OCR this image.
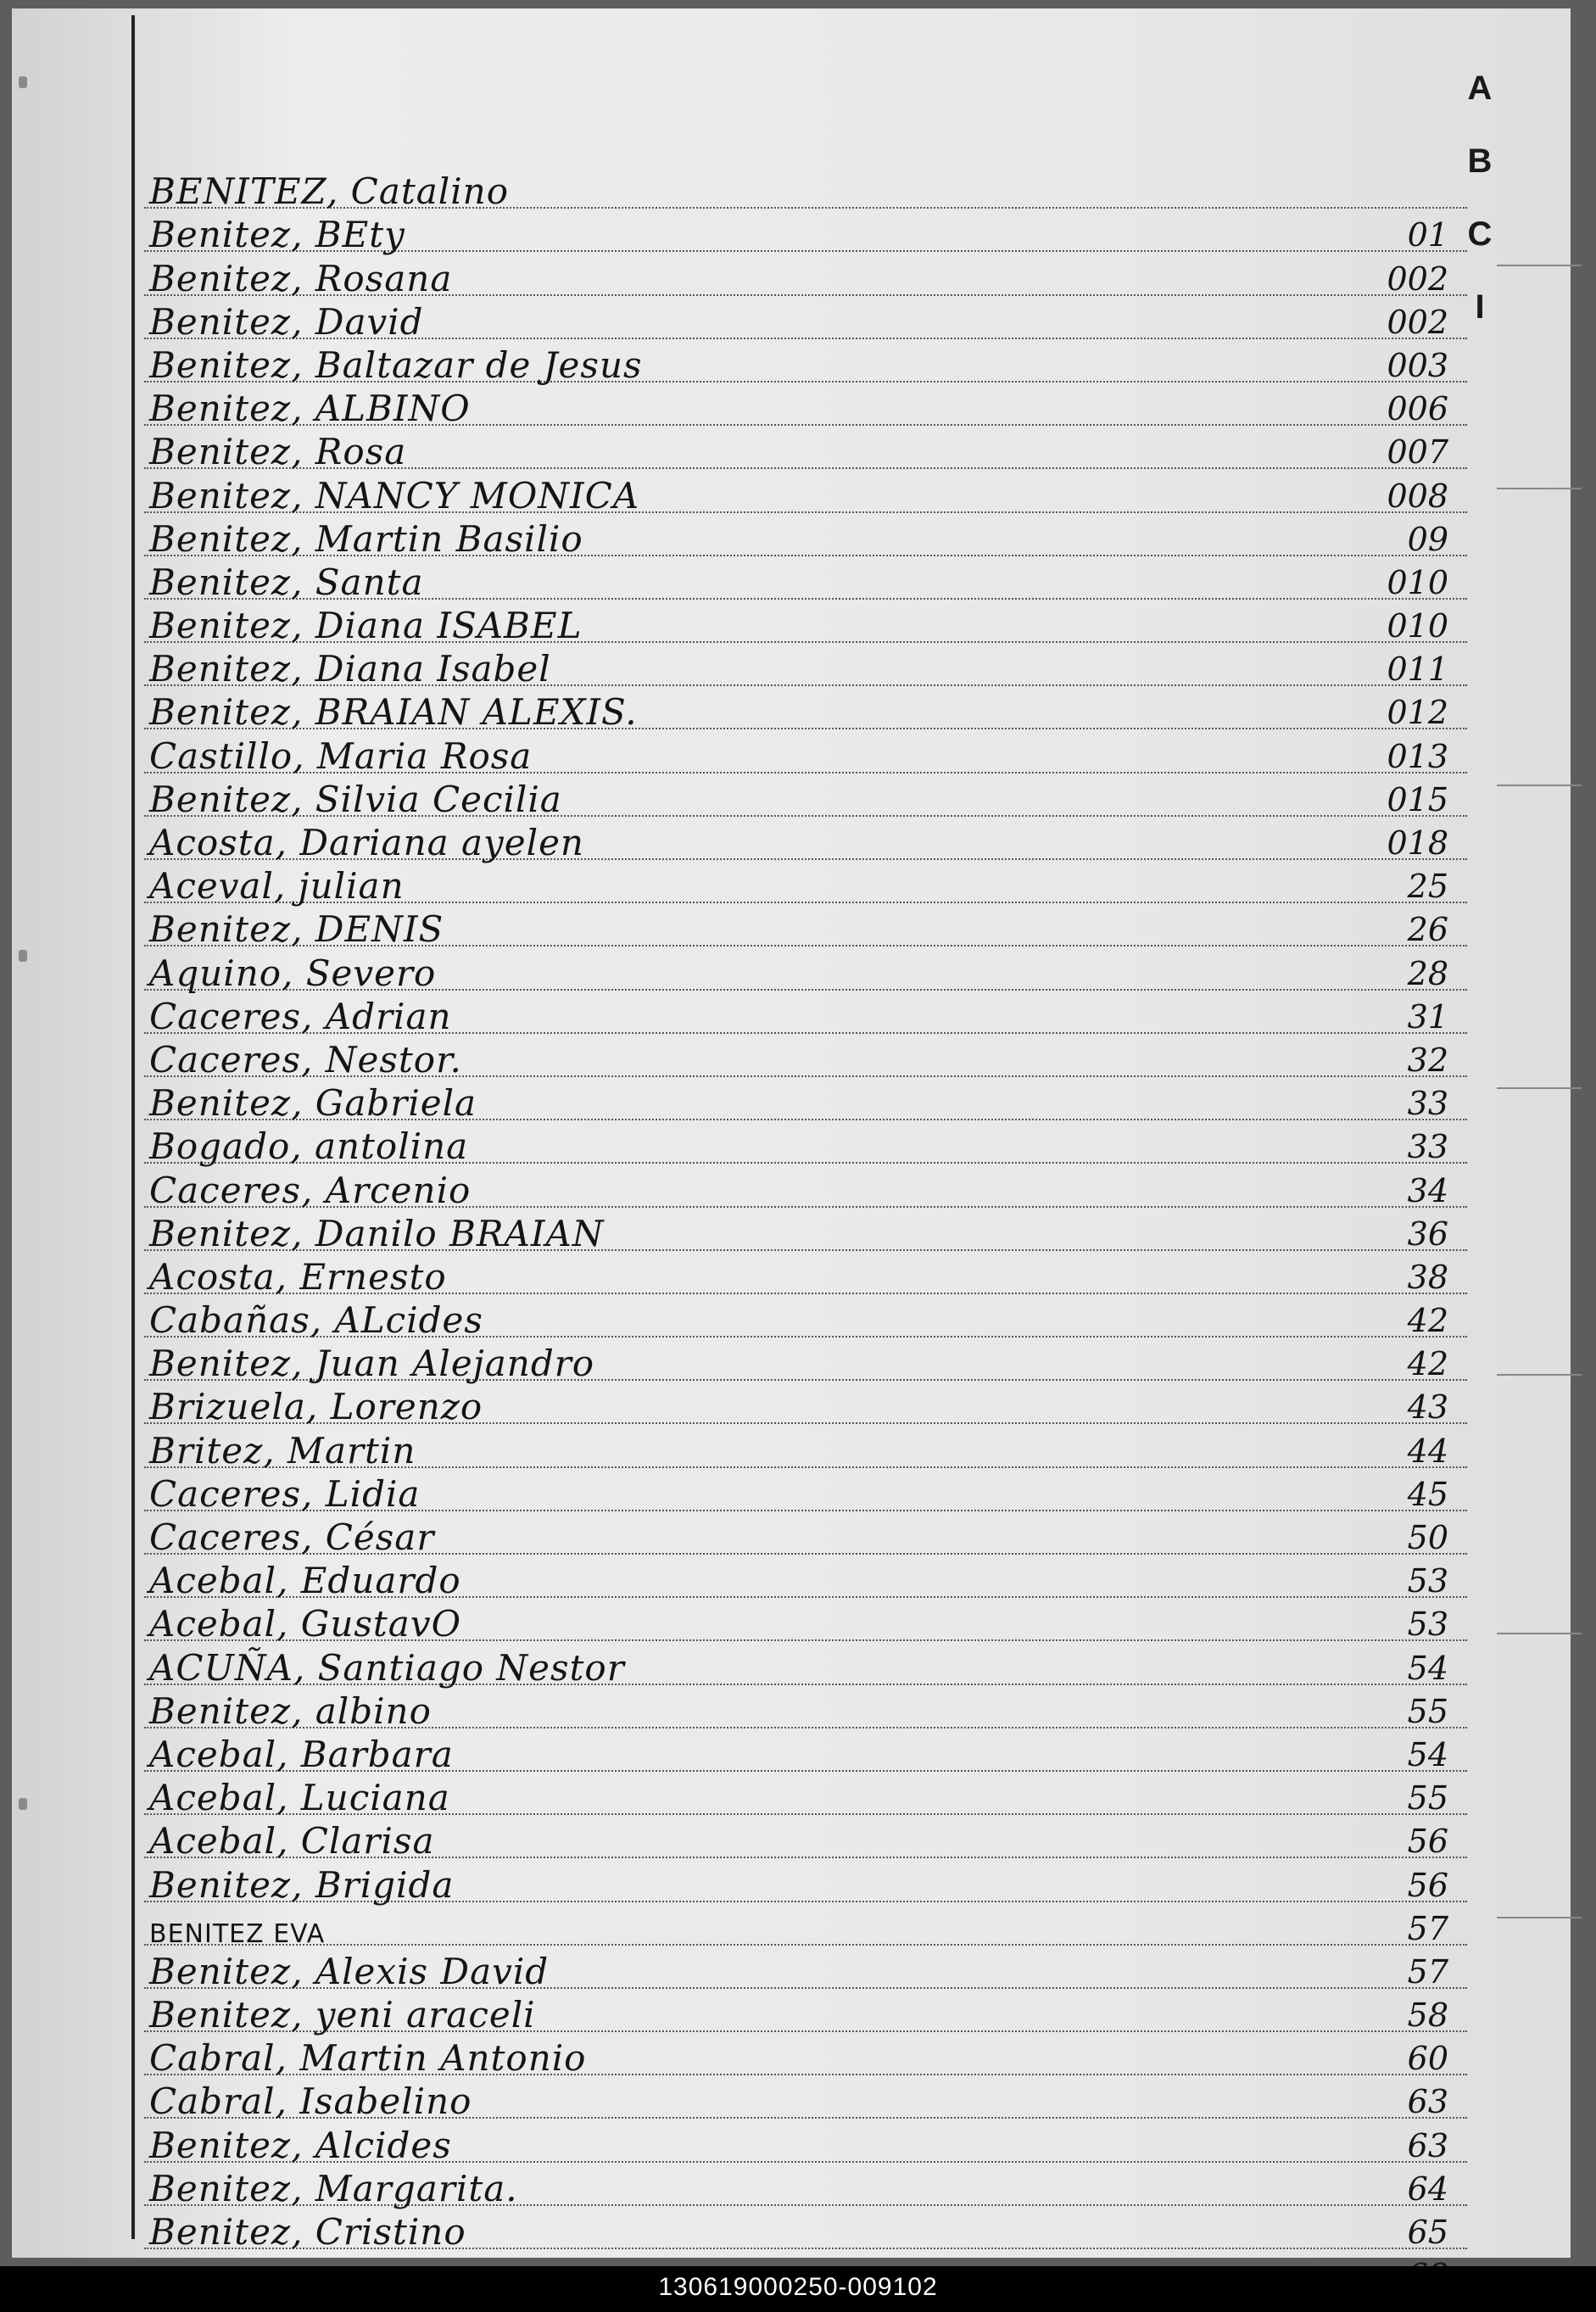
A
B
C
I
BENITEZ, Catalino
Benitez, BEty	01
Benitez, Rosana	002
Benitez, David	002
Benitez, Baltazar de Jesus	003
Benitez, ALBINO	006
Benitez, Rosa	007
Benitez, NANCY MONICA	008
Benitez, Martin Basilio	09
Benitez, Santa	010
Benitez, Diana ISABEL	010
Benitez, Diana Isabel	011
Benitez, BRAIAN ALEXIS.	012
Castillo, Maria Rosa	013
Benitez, Silvia Cecilia	015
Acosta, Dariana ayelen	018
Aceval, julian	25
Benitez, DENIS	26
Aquino, Severo	28
Caceres, Adrian	31
Caceres, Nestor.	32
Benitez, Gabriela	33
Bogado, antolina	33
Caceres, Arcenio	34
Benitez, Danilo BRAIAN	36
Acosta, Ernesto	38
Cabañas, ALcides	42
Benitez, Juan Alejandro	42
Brizuela, Lorenzo	43
Britez, Martin	44
Caceres, Lidia	45
Caceres, César	50
Acebal, Eduardo	53
Acebal, GustavO	53
ACUÑA, Santiago Nestor	54
Benitez, albino	55
Acebal, Barbara	54
Acebal, Luciana	55
Acebal, Clarisa	56
Benitez, Brigida	56
BENITEZ EVA	57
Benitez, Alexis David	57
Benitez, yeni araceli	58
Cabral, Martin Antonio	60
Cabral, Isabelino	63
Benitez, Alcides	63
Benitez, Margarita.	64
Benitez, Cristino	65
130619000250-009102
